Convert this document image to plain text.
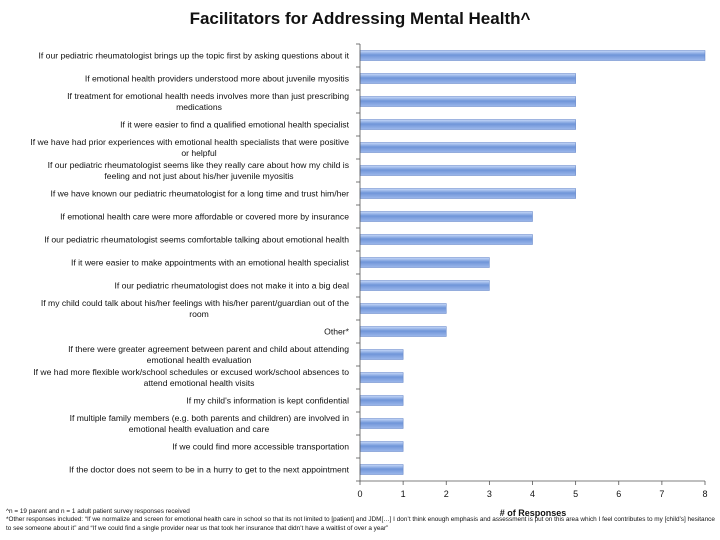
Facilitators for Addressing Mental Health^
If our pediatric rheumatologist brings up the topic first by asking questions about it
If emotional health providers understood more about juvenile myositis
If treatment for emotional health needs involves more than just prescribing
medications
If it were easier to find a qualified emotional health specialist
If we have had prior experiences with emotional health specialists that were positive
or helpful
If our pediatric rheumatologist seems like they really care about how my child is
feeling and not just about his/her juvenile myositis
If we have known our pediatric rheumatologist for a long time and trust him/her
If emotional health care were more affordable or covered more by insurance
If our pediatric rheumatologist seems comfortable talking about emotional health
If it were easier to make appointments with an emotional health specialist
If our pediatric rheumatologist does not make it into a big deal
If my child could talk about his/her feelings with his/her parent/guardian out of the
room
Other*
If there were greater agreement between parent and child about attending
emotional health evaluation
If we had more flexible work/school schedules or excused work/school absences to
attend emotional health visits
If my child's information is kept confidential
If multiple family members (e.g. both parents and children) are involved in
emotional health evaluation and care
If we could find more accessible transportation
If the doctor does not seem to be in a hurry to get to the next appointment
0	1	2	3	4	5	6	7	8
# of Responses
^n = 19 parent and n = 1 adult patient survey responses received
*Other responses included: “If we normalize and screen for emotional health care in school so that its not limited to [patient] and JDM[…] I don’t think enough emphasis and assessment is put on this area which I feel contributes to my [child’s] hesitance to see someone about it” and “If we could find a single provider near us that took her insurance that didn’t have a waitlist of over a year”
